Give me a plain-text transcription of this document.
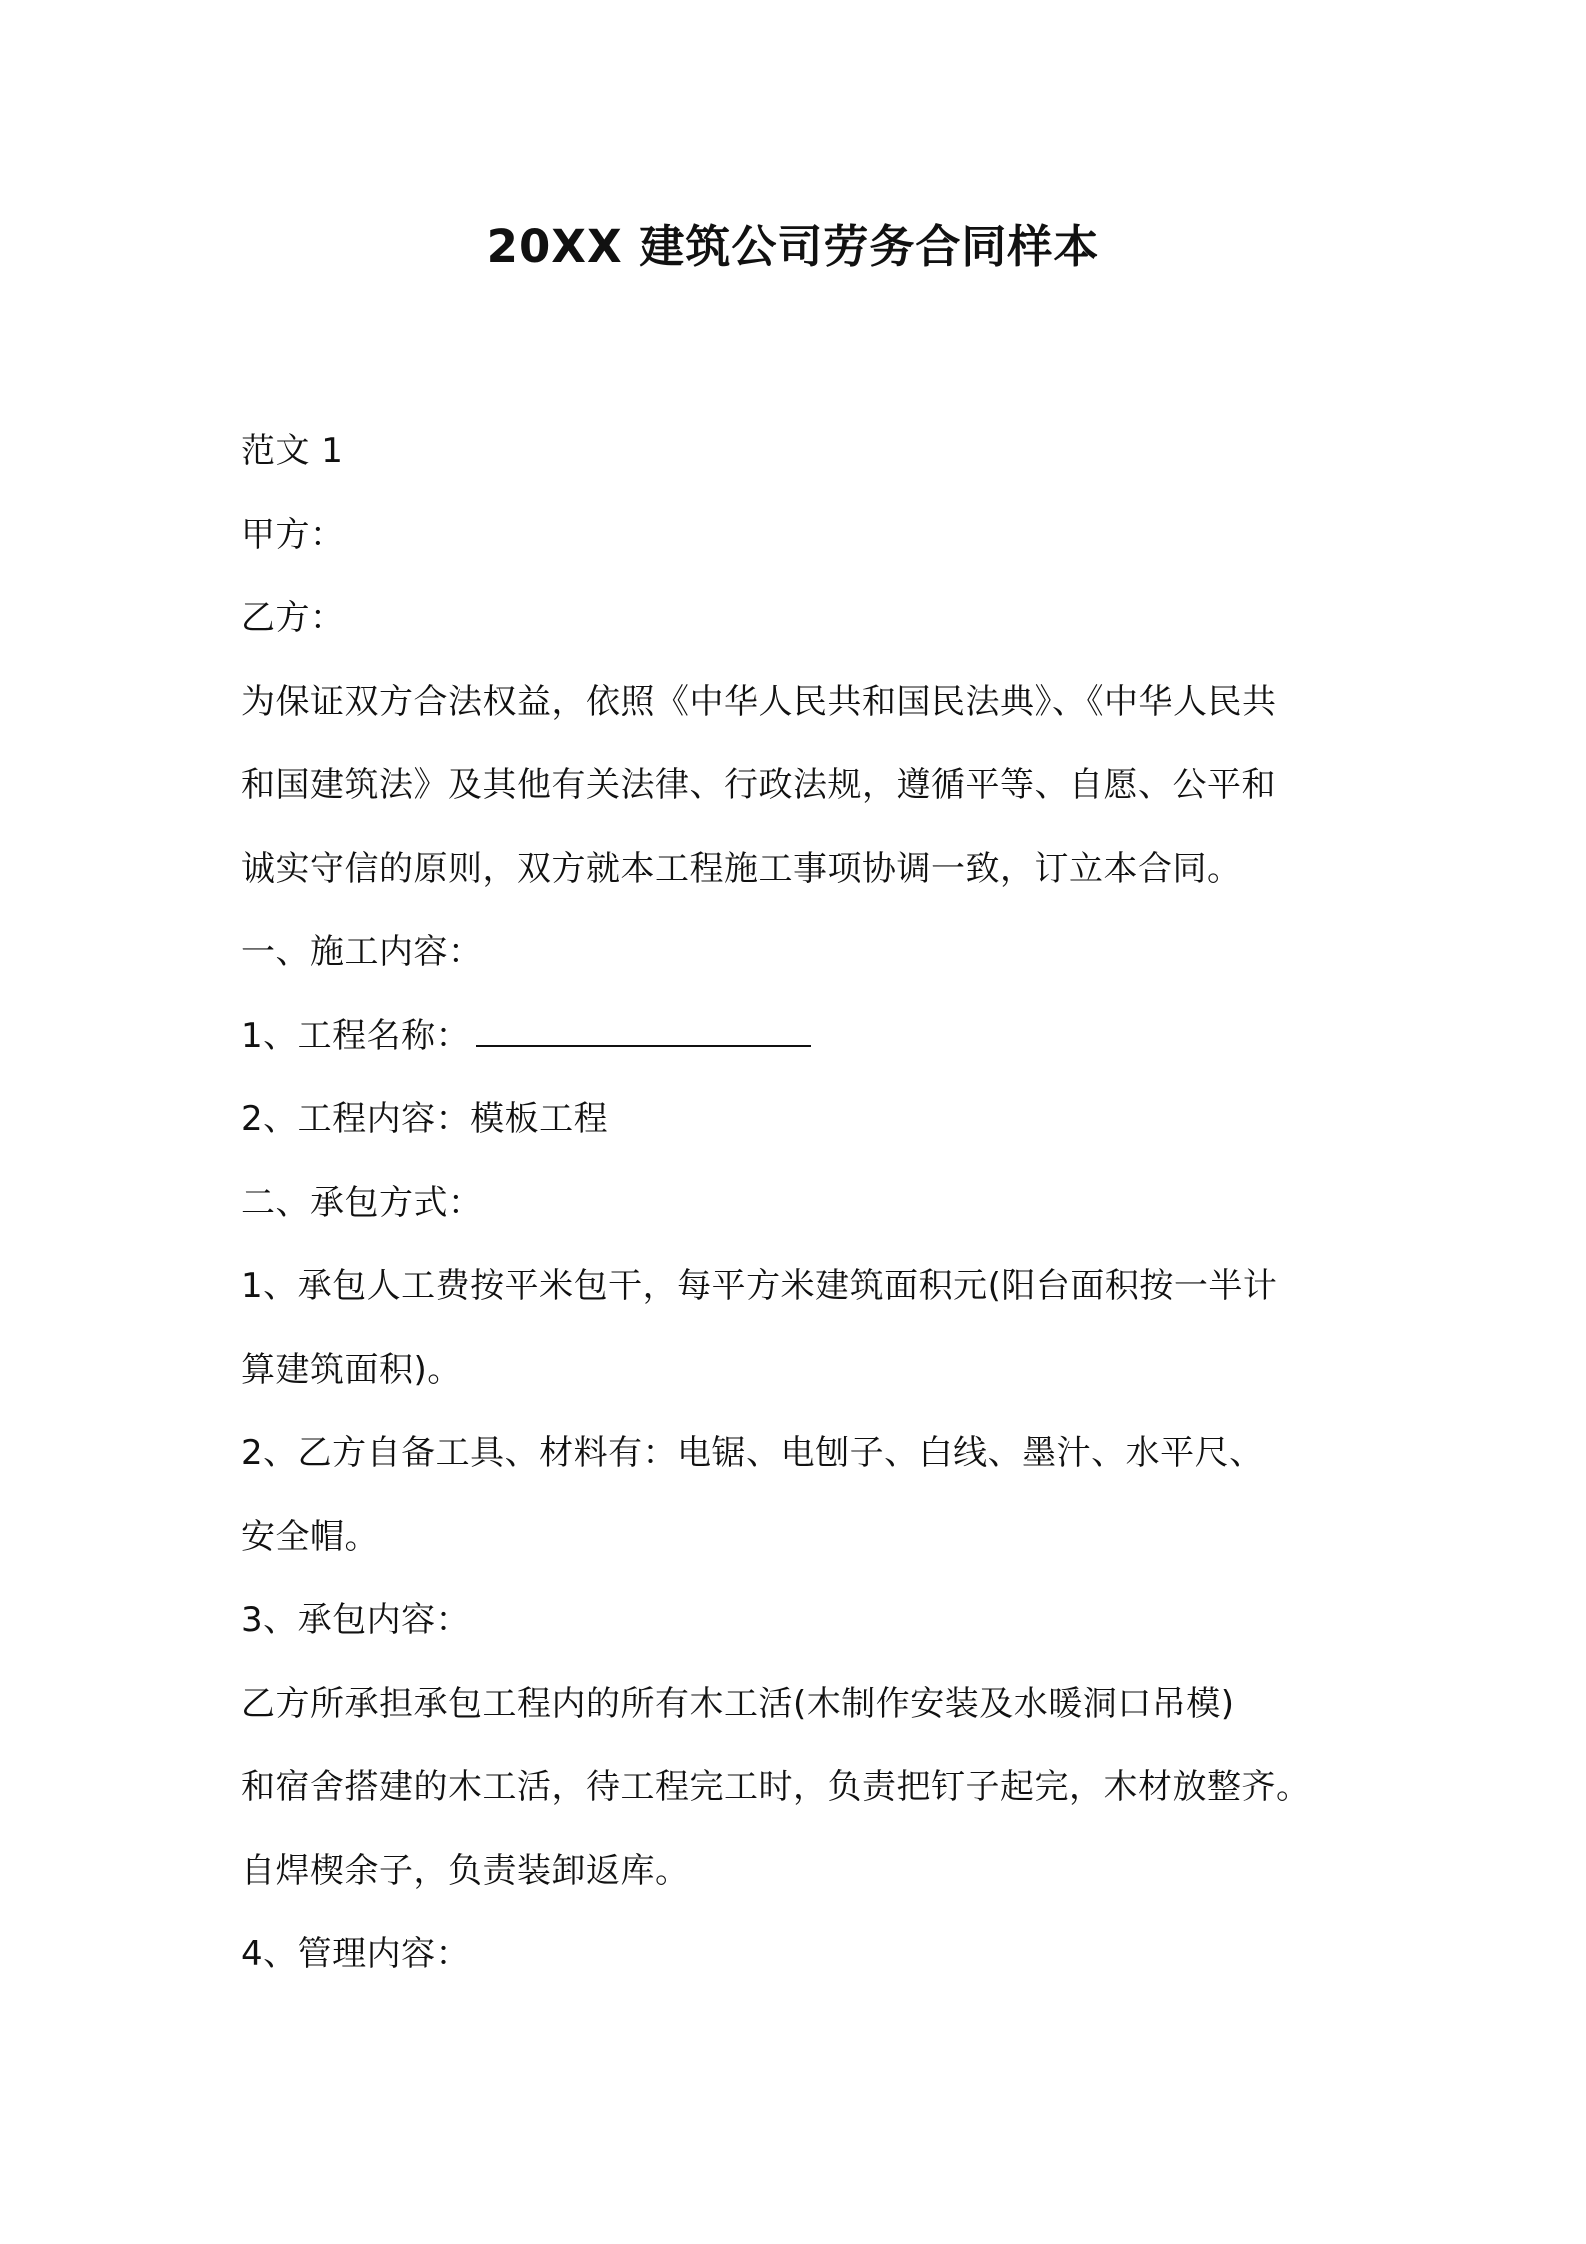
20XX 建筑公司劳务合同样本

范文 1

甲方：

乙方：

为保证双方合法权益，依照《中华人民共和国民法典》、《中华人民共

和国建筑法》及其他有关法律、行政法规，遵循平等、自愿、公平和

诚实守信的原则，双方就本工程施工事项协调一致，订立本合同。

一、施工内容：

1、工程名称：

2、工程内容：模板工程

二、承包方式：

1、承包人工费按平米包干，每平方米建筑面积元(阳台面积按一半计

算建筑面积)。

2、乙方自备工具、材料有：电锯、电刨子、白线、墨汁、水平尺、

安全帽。

3、承包内容：

乙方所承担承包工程内的所有木工活(木制作安装及水暖洞口吊模)

和宿舍搭建的木工活，待工程完工时，负责把钉子起完，木材放整齐。

自焊楔余子，负责装卸返库。

4、管理内容：
